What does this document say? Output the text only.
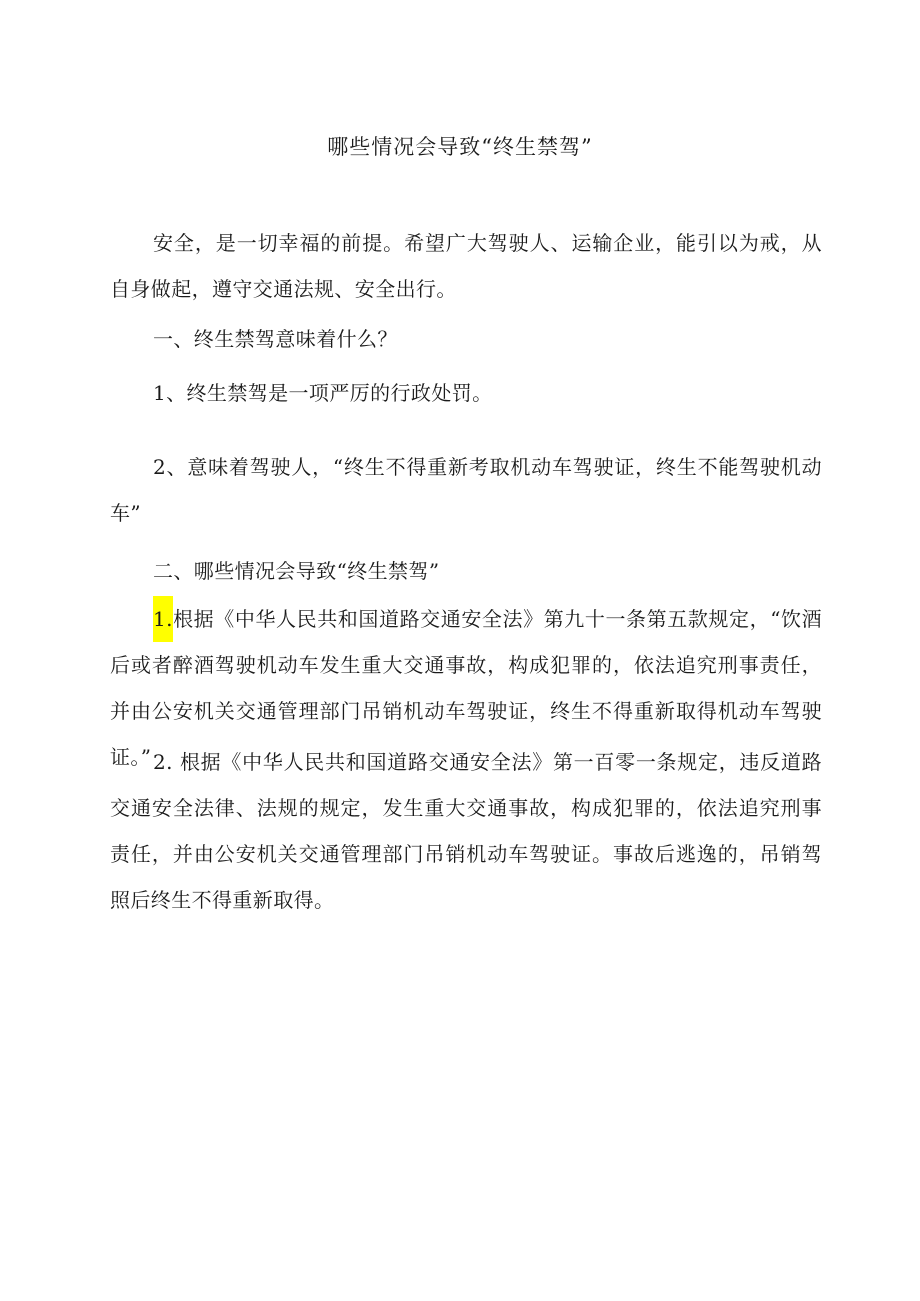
哪些情况会导致“终生禁驾”

安全，是一切幸福的前提。希望广大驾驶人、运输企业，能引以为戒，从自身做起，遵守交通法规、安全出行。

一、终生禁驾意味着什么？

1、终生禁驾是一项严厉的行政处罚。

2、意味着驾驶人，“终生不得重新考取机动车驾驶证，终生不能驾驶机动车”

二、哪些情况会导致“终生禁驾”

1.根据《中华人民共和国道路交通安全法》第九十一条第五款规定，“饮酒后或者醉酒驾驶机动车发生重大交通事故，构成犯罪的，依法追究刑事责任，并由公安机关交通管理部门吊销机动车驾驶证，终生不得重新取得机动车驾驶证。” 2. 根据《中华人民共和国道路交通安全法》第一百零一条规定，违反道路交通安全法律、法规的规定，发生重大交通事故，构成犯罪的，依法追究刑事责任，并由公安机关交通管理部门吊销机动车驾驶证。事故后逃逸的，吊销驾照后终生不得重新取得。
